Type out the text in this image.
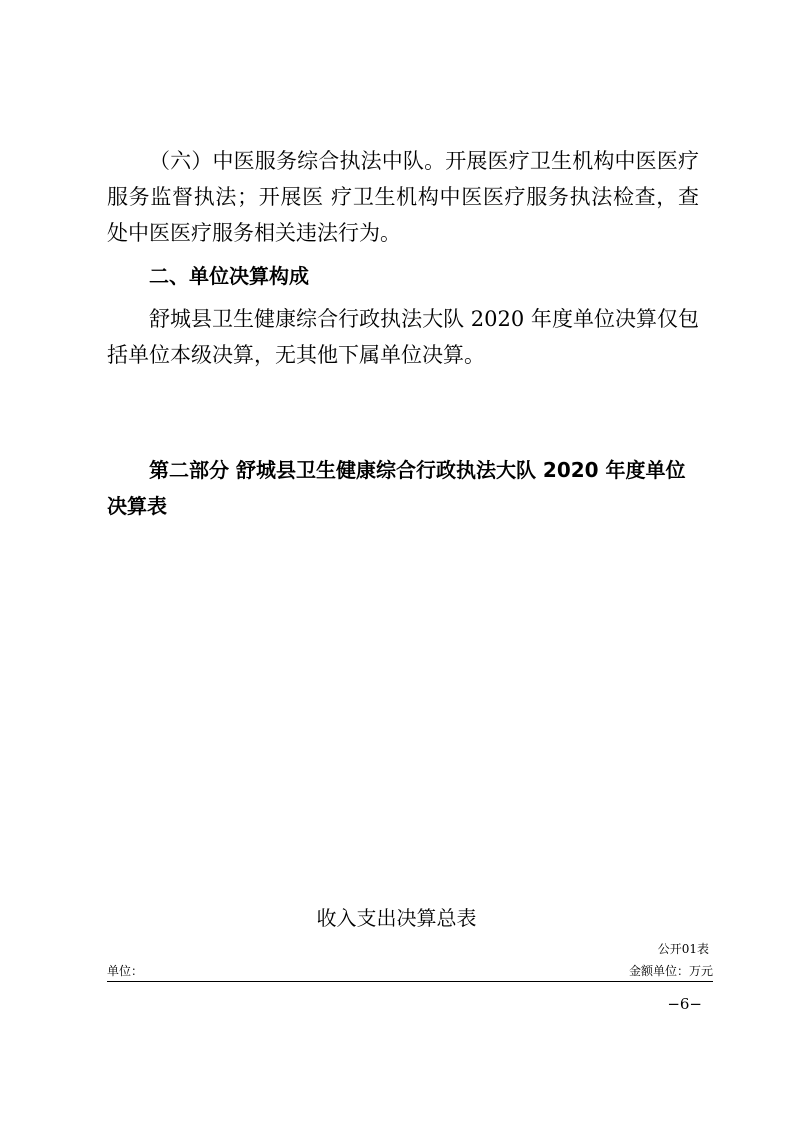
（六）中医服务综合执法中队。开展医疗卫生机构中医医疗服务监督执法；开展医 疗卫生机构中医医疗服务执法检查，查处中医医疗服务相关违法行为。

二、单位决算构成

舒城县卫生健康综合行政执法大队 2020 年度单位决算仅包括单位本级决算，无其他下属单位决算。

第二部分 舒城县卫生健康综合行政执法大队 2020 年度单位决算表
收入支出决算总表
公开01表
单位：	金额单位：万元
−6−
